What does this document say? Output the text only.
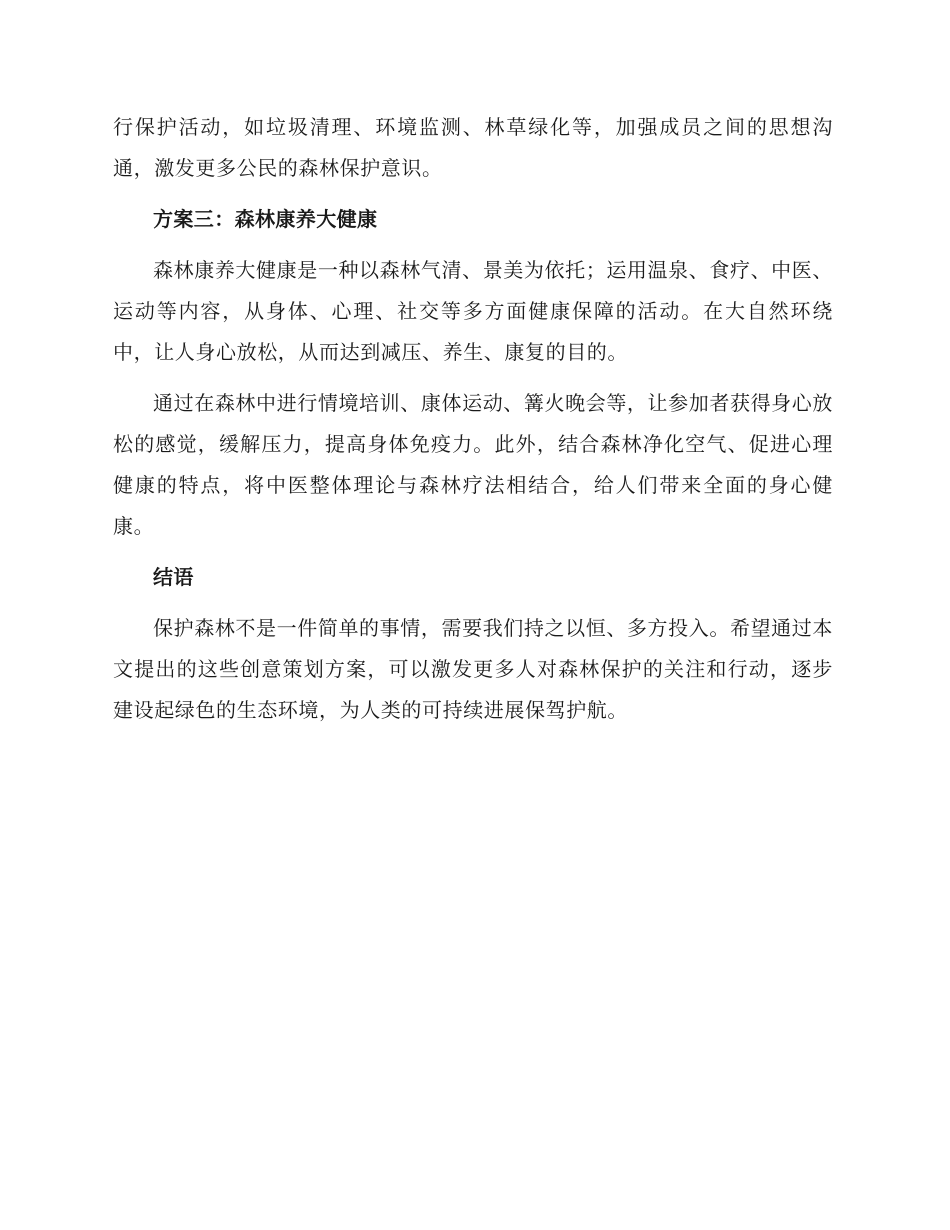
行保护活动，如垃圾清理、环境监测、林草绿化等，加强成员之间的思想沟通，激发更多公民的森林保护意识。

方案三：森林康养大健康

森林康养大健康是一种以森林气清、景美为依托；运用温泉、食疗、中医、运动等内容，从身体、心理、社交等多方面健康保障的活动。在大自然环绕中，让人身心放松，从而达到减压、养生、康复的目的。

通过在森林中进行情境培训、康体运动、篝火晚会等，让参加者获得身心放松的感觉，缓解压力，提高身体免疫力。此外，结合森林净化空气、促进心理健康的特点，将中医整体理论与森林疗法相结合，给人们带来全面的身心健康。

结语

保护森林不是一件简单的事情，需要我们持之以恒、多方投入。希望通过本文提出的这些创意策划方案，可以激发更多人对森林保护的关注和行动，逐步建设起绿色的生态环境，为人类的可持续进展保驾护航。
